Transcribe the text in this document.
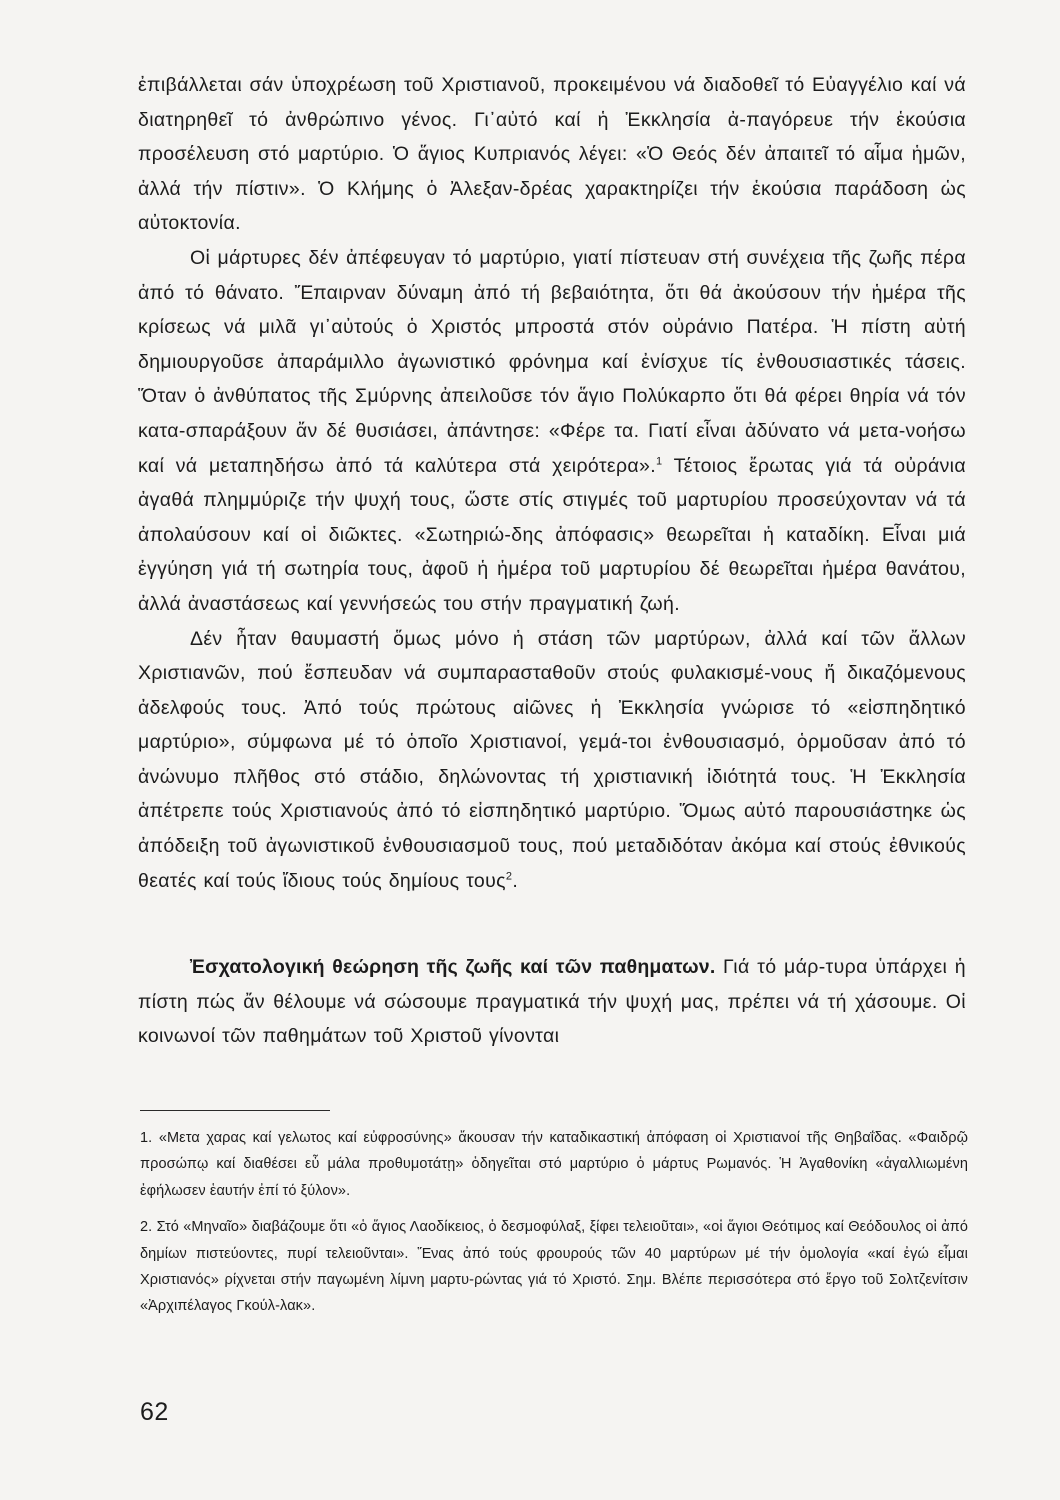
ἐπιβάλλεται σάν ὑποχρέωση τοῦ Χριστιανοῦ, προκειμένου νά διαδοθεῖ τό Εὐαγγέλιο καί νά διατηρηθεῖ τό ἀνθρώπινο γένος. Γι᾽αὐτό καί ἡ Ἐκκλησία ἀ-παγόρευε τήν ἑκούσια προσέλευση στό μαρτύριο. Ὁ ἅγιος Κυπριανός λέγει: «Ὁ Θεός δέν ἀπαιτεῖ τό αἷμα ἡμῶν, ἀλλά τήν πίστιν». Ὁ Κλήμης ὁ Ἀλεξαν-δρέας χαρακτηρίζει τήν ἑκούσια παράδοση ὡς αὐτοκτονία.

Οἱ μάρτυρες δέν ἀπέφευγαν τό μαρτύριο, γιατί πίστευαν στή συνέχεια τῆς ζωῆς πέρα ἀπό τό θάνατο. Ἔπαιρναν δύναμη ἀπό τή βεβαιότητα, ὅτι θά ἀκούσουν τήν ἡμέρα τῆς κρίσεως νά μιλᾶ γι᾽αὐτούς ὁ Χριστός μπροστά στόν οὐράνιο Πατέρα. Ἡ πίστη αὐτή δημιουργοῦσε ἀπαράμιλλο ἀγωνιστικό φρόνημα καί ἐνίσχυε τίς ἐνθουσιαστικές τάσεις. Ὅταν ὁ ἀνθύπατος τῆς Σμύρνης ἀπειλοῦσε τόν ἅγιο Πολύκαρπο ὅτι θά φέρει θηρία νά τόν κατα-σπαράξουν ἄν δέ θυσιάσει, ἀπάντησε: «Φέρε τα. Γιατί εἶναι ἀδύνατο νά μετα-νοήσω καί νά μεταπηδήσω ἀπό τά καλύτερα στά χειρότερα».$^1$ Τέτοιος ἔρωτας γιά τά οὐράνια ἀγαθά πλημμύριζε τήν ψυχή τους, ὥστε στίς στιγμές τοῦ μαρτυρίου προσεύχονταν νά τά ἀπολαύσουν καί οἱ διῶκτες. «Σωτηριώ-δης ἀπόφασις» θεωρεῖται ἡ καταδίκη. Εἶναι μιά ἐγγύηση γιά τή σωτηρία τους, ἀφοῦ ἡ ἡμέρα τοῦ μαρτυρίου δέ θεωρεῖται ἡμέρα θανάτου, ἀλλά ἀναστάσεως καί γεννήσεώς του στήν πραγματική ζωή.

Δέν ἦταν θαυμαστή ὅμως μόνο ἡ στάση τῶν μαρτύρων, ἀλλά καί τῶν ἄλλων Χριστιανῶν, πού ἔσπευδαν νά συμπαρασταθοῦν στούς φυλακισμέ-νους ἤ δικαζόμενους ἀδελφούς τους. Ἀπό τούς πρώτους αἰῶνες ἡ Ἐκκλησία γνώρισε τό «εἰσπηδητικό μαρτύριο», σύμφωνα μέ τό ὁποῖο Χριστιανοί, γεμά-τοι ἐνθουσιασμό, ὁρμοῦσαν ἀπό τό ἀνώνυμο πλῆθος στό στάδιο, δηλώνοντας τή χριστιανική ἰδιότητά τους. Ἡ Ἐκκλησία ἀπέτρεπε τούς Χριστιανούς ἀπό τό εἰσπηδητικό μαρτύριο. Ὅμως αὐτό παρουσιάστηκε ὡς ἀπόδειξη τοῦ ἀγωνιστικοῦ ἐνθουσιασμοῦ τους, πού μεταδιδόταν ἀκόμα καί στούς ἐθνικούς θεατές καί τούς ἴδιους τούς δημίους τους$^2$.

Ἐσχατολογική θεώρηση τῆς ζωῆς καί τῶν παθηματων. Γιά τό μάρ-τυρα ὑπάρχει ἡ πίστη πώς ἄν θέλουμε νά σώσουμε πραγματικά τήν ψυχή μας, πρέπει νά τή χάσουμε. Οἱ κοινωνοί τῶν παθημάτων τοῦ Χριστοῦ γίνονται

1. «Μετα χαρας καί γελωτος καί εὐφροσύνης» ἄκουσαν τήν καταδικαστική ἀπόφαση οἱ Χριστιανοί τῆς Θηβαΐδας. «Φαιδρῷ προσώπῳ καί διαθέσει εὖ μάλα προθυμοτάτῃ» ὁδηγεῖται στό μαρτύριο ὁ μάρτυς Ρωμανός. Ἡ Ἀγαθονίκη «ἀγαλλιωμένη ἐφήλωσεν ἑαυτήν ἐπί τό ξύλον».

2. Στό «Μηναῖο» διαβάζουμε ὅτι «ὁ ἅγιος Λαοδίκειος, ὁ δεσμοφύλαξ, ξίφει τελειοῦται», «οἱ ἅγιοι Θεότιμος καί Θεόδουλος οἱ ἀπό δημίων πιστεύοντες, πυρί τελειοῦνται». Ἕνας ἀπό τούς φρουρούς τῶν 40 μαρτύρων μέ τήν ὁμολογία «καί ἐγώ εἶμαι Χριστιανός» ρίχνεται στήν παγωμένη λίμνη μαρτυ-ρώντας γιά τό Χριστό. Σημ. Βλέπε περισσότερα στό ἔργο τοῦ Σολτζενίτσιν «Ἀρχιπέλαγος Γκούλ-λακ».

62
